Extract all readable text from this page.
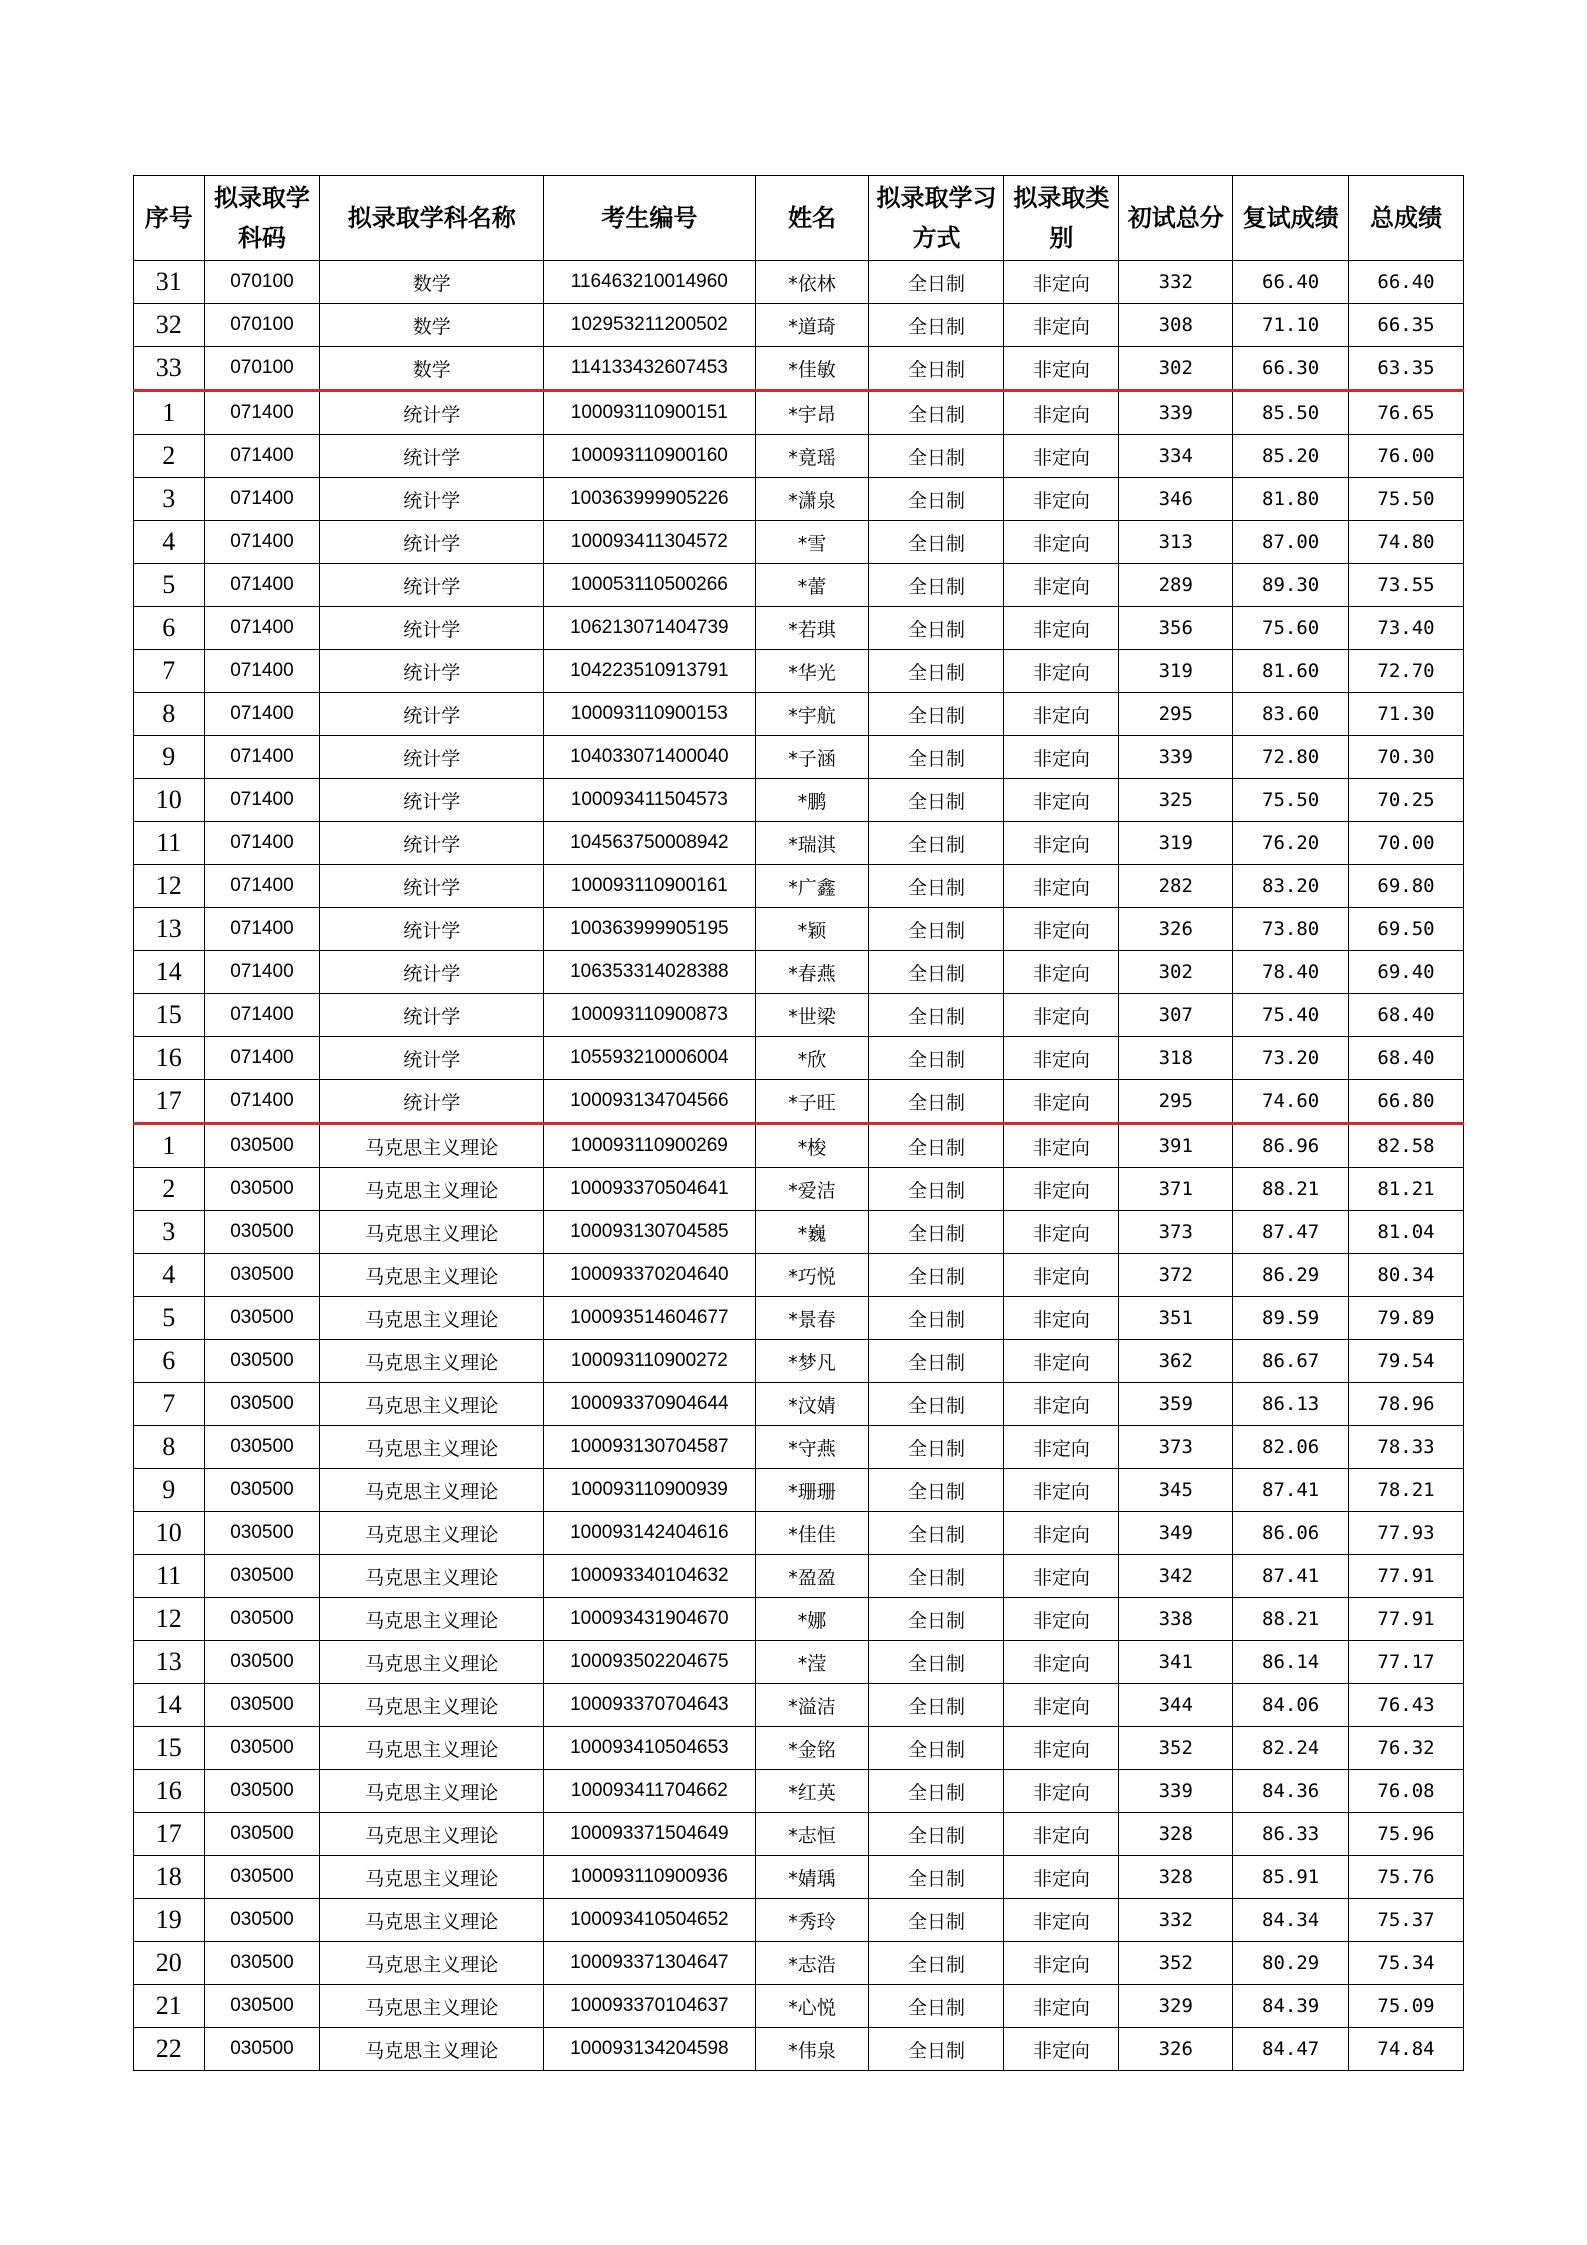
序号	拟录取学科码	拟录取学科名称	考生编号	姓名	拟录取学习方式	拟录取类别	初试总分	复试成绩	总成绩
31	070100	数学	116463210014960	*依林	全日制	非定向	332	66.40	66.40
32	070100	数学	102953211200502	*道琦	全日制	非定向	308	71.10	66.35
33	070100	数学	114133432607453	*佳敏	全日制	非定向	302	66.30	63.35
1	071400	统计学	100093110900151	*宇昂	全日制	非定向	339	85.50	76.65
2	071400	统计学	100093110900160	*竟瑶	全日制	非定向	334	85.20	76.00
3	071400	统计学	100363999905226	*潇泉	全日制	非定向	346	81.80	75.50
4	071400	统计学	100093411304572	*雪	全日制	非定向	313	87.00	74.80
5	071400	统计学	100053110500266	*蕾	全日制	非定向	289	89.30	73.55
6	071400	统计学	106213071404739	*若琪	全日制	非定向	356	75.60	73.40
7	071400	统计学	104223510913791	*华光	全日制	非定向	319	81.60	72.70
8	071400	统计学	100093110900153	*宇航	全日制	非定向	295	83.60	71.30
9	071400	统计学	104033071400040	*子涵	全日制	非定向	339	72.80	70.30
10	071400	统计学	100093411504573	*鹏	全日制	非定向	325	75.50	70.25
11	071400	统计学	104563750008942	*瑞淇	全日制	非定向	319	76.20	70.00
12	071400	统计学	100093110900161	*广鑫	全日制	非定向	282	83.20	69.80
13	071400	统计学	100363999905195	*颖	全日制	非定向	326	73.80	69.50
14	071400	统计学	106353314028388	*春燕	全日制	非定向	302	78.40	69.40
15	071400	统计学	100093110900873	*世梁	全日制	非定向	307	75.40	68.40
16	071400	统计学	105593210006004	*欣	全日制	非定向	318	73.20	68.40
17	071400	统计学	100093134704566	*子旺	全日制	非定向	295	74.60	66.80
1	030500	马克思主义理论	100093110900269	*梭	全日制	非定向	391	86.96	82.58
2	030500	马克思主义理论	100093370504641	*爱洁	全日制	非定向	371	88.21	81.21
3	030500	马克思主义理论	100093130704585	*巍	全日制	非定向	373	87.47	81.04
4	030500	马克思主义理论	100093370204640	*巧悦	全日制	非定向	372	86.29	80.34
5	030500	马克思主义理论	100093514604677	*景春	全日制	非定向	351	89.59	79.89
6	030500	马克思主义理论	100093110900272	*梦凡	全日制	非定向	362	86.67	79.54
7	030500	马克思主义理论	100093370904644	*汶婧	全日制	非定向	359	86.13	78.96
8	030500	马克思主义理论	100093130704587	*守燕	全日制	非定向	373	82.06	78.33
9	030500	马克思主义理论	100093110900939	*珊珊	全日制	非定向	345	87.41	78.21
10	030500	马克思主义理论	100093142404616	*佳佳	全日制	非定向	349	86.06	77.93
11	030500	马克思主义理论	100093340104632	*盈盈	全日制	非定向	342	87.41	77.91
12	030500	马克思主义理论	100093431904670	*娜	全日制	非定向	338	88.21	77.91
13	030500	马克思主义理论	100093502204675	*滢	全日制	非定向	341	86.14	77.17
14	030500	马克思主义理论	100093370704643	*溢洁	全日制	非定向	344	84.06	76.43
15	030500	马克思主义理论	100093410504653	*金铭	全日制	非定向	352	82.24	76.32
16	030500	马克思主义理论	100093411704662	*红英	全日制	非定向	339	84.36	76.08
17	030500	马克思主义理论	100093371504649	*志恒	全日制	非定向	328	86.33	75.96
18	030500	马克思主义理论	100093110900936	*婧瑀	全日制	非定向	328	85.91	75.76
19	030500	马克思主义理论	100093410504652	*秀玲	全日制	非定向	332	84.34	75.37
20	030500	马克思主义理论	100093371304647	*志浩	全日制	非定向	352	80.29	75.34
21	030500	马克思主义理论	100093370104637	*心悦	全日制	非定向	329	84.39	75.09
22	030500	马克思主义理论	100093134204598	*伟泉	全日制	非定向	326	84.47	74.84
